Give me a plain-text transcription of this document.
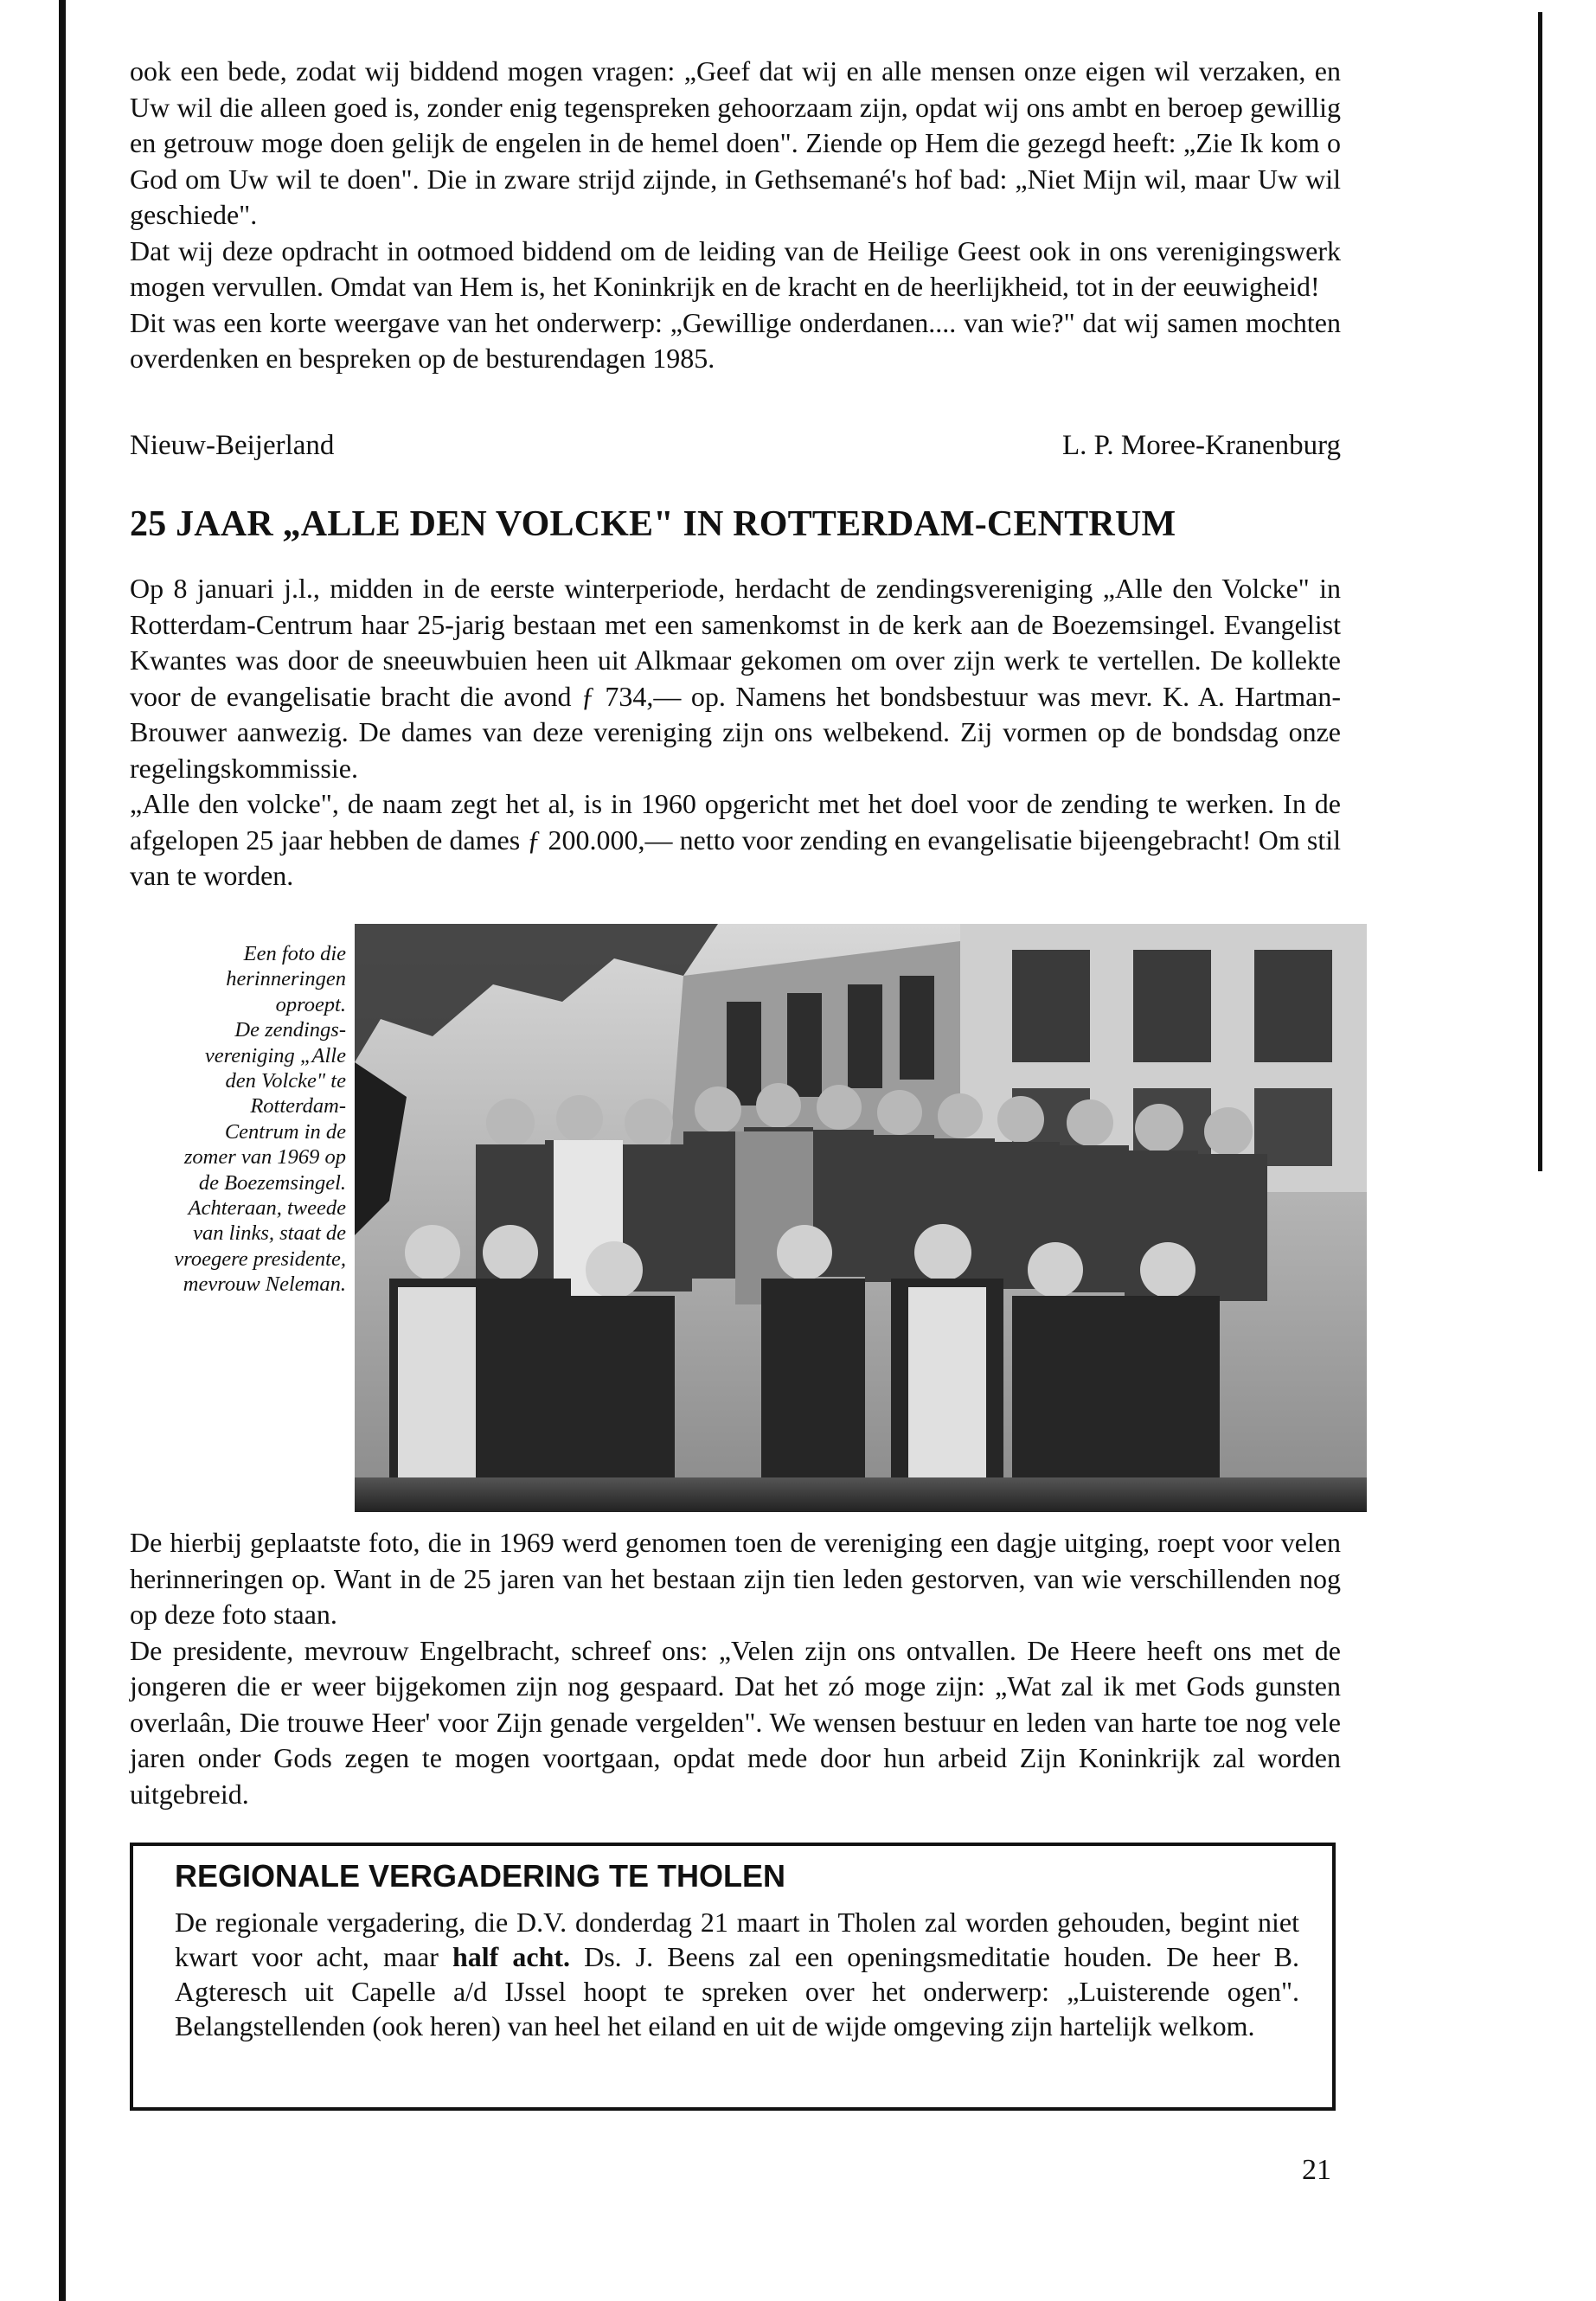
ook een bede, zodat wij biddend mogen vragen: „Geef dat wij en alle mensen onze eigen wil verzaken, en Uw wil die alleen goed is, zonder enig tegenspreken gehoorzaam zijn, opdat wij ons ambt en beroep gewillig en getrouw moge doen gelijk de engelen in de hemel doen". Ziende op Hem die gezegd heeft: „Zie Ik kom o God om Uw wil te doen". Die in zware strijd zijnde, in Gethsemané's hof bad: „Niet Mijn wil, maar Uw wil geschiede".

Dat wij deze opdracht in ootmoed biddend om de leiding van de Heilige Geest ook in ons verenigingswerk mogen vervullen. Omdat van Hem is, het Koninkrijk en de kracht en de heerlijkheid, tot in der eeuwigheid!

Dit was een korte weergave van het onderwerp: „Gewillige onderdanen.... van wie?" dat wij samen mochten overdenken en bespreken op de besturendagen 1985.

Nieuw-Beijerland	L. P. Moree-Kranenburg
25 JAAR „ALLE DEN VOLCKE" IN ROTTERDAM-CENTRUM

Op 8 januari j.l., midden in de eerste winterperiode, herdacht de zendingsvereniging „Alle den Volcke" in Rotterdam-Centrum haar 25-jarig bestaan met een samenkomst in de kerk aan de Boezemsingel. Evangelist Kwantes was door de sneeuwbuien heen uit Alkmaar gekomen om over zijn werk te vertellen. De kollekte voor de evangelisatie bracht die avond ƒ 734,— op. Namens het bondsbestuur was mevr. K. A. Hartman-Brouwer aanwezig. De dames van deze vereniging zijn ons welbekend. Zij vormen op de bondsdag onze regelingskommissie.

„Alle den volcke", de naam zegt het al, is in 1960 opgericht met het doel voor de zending te werken. In de afgelopen 25 jaar hebben de dames ƒ 200.000,— netto voor zending en evangelisatie bijeengebracht! Om stil van te worden.

Een foto die

herinneringen

oproept.

De zendings-

vereniging „Alle

den Volcke" te

Rotterdam-

Centrum in de

zomer van 1969 op

de Boezemsingel.

Achteraan, tweede

van links, staat de

vroegere presidente,

mevrouw Neleman.

De hierbij geplaatste foto, die in 1969 werd genomen toen de vereniging een dagje uitging, roept voor velen herinneringen op. Want in de 25 jaren van het bestaan zijn tien leden gestorven, van wie verschillenden nog op deze foto staan.

De presidente, mevrouw Engelbracht, schreef ons: „Velen zijn ons ontvallen. De Heere heeft ons met de jongeren die er weer bijgekomen zijn nog gespaard. Dat het zó moge zijn: „Wat zal ik met Gods gunsten overlaân, Die trouwe Heer' voor Zijn genade vergelden". We wensen bestuur en leden van harte toe nog vele jaren onder Gods zegen te mogen voortgaan, opdat mede door hun arbeid Zijn Koninkrijk zal worden uitgebreid.

REGIONALE VERGADERING TE THOLEN
De regionale vergadering, die D.V. donderdag 21 maart in Tholen zal worden gehouden, begint niet kwart voor acht, maar half acht. Ds. J. Beens zal een openingsmeditatie houden. De heer B. Agteresch uit Capelle a/d IJssel hoopt te spreken over het onderwerp: „Luisterende ogen". Belangstellenden (ook heren) van heel het eiland en uit de wijde omgeving zijn hartelijk welkom.
21
